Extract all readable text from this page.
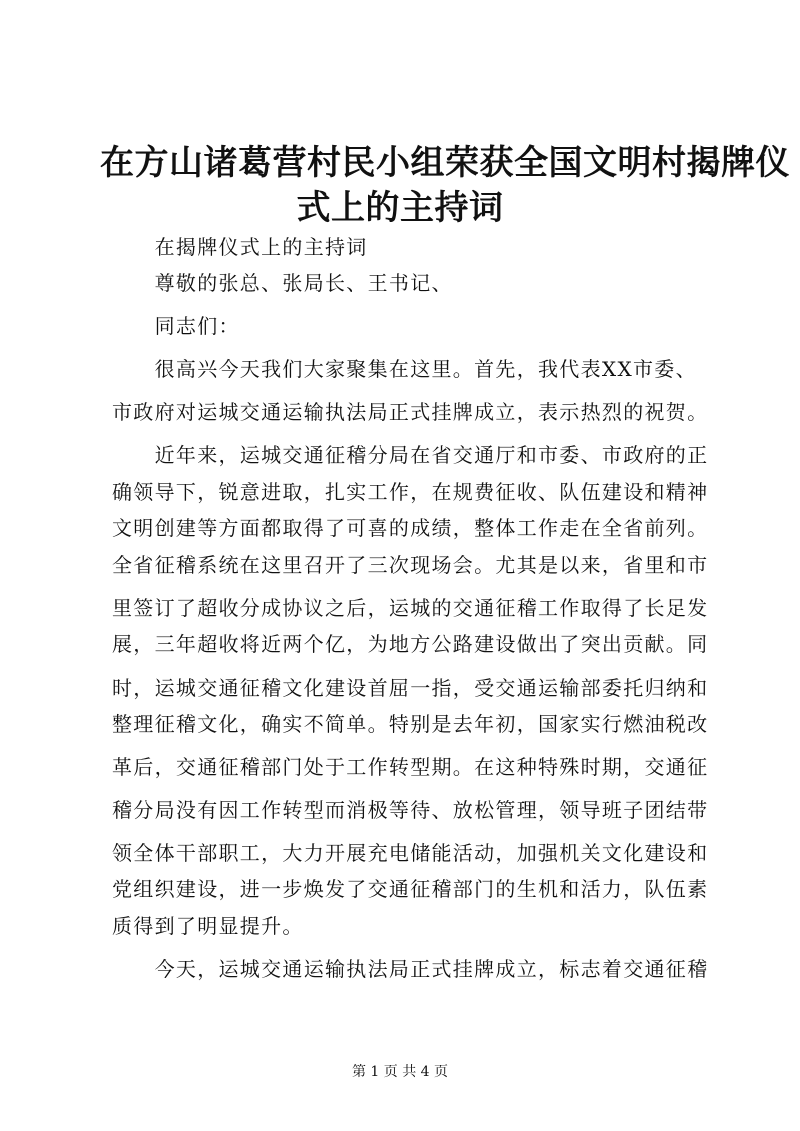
在方山诸葛营村民小组荣获全国文明村揭牌仪
式上的主持词
　　在揭牌仪式上的主持词
　　尊敬的张总、张局长、王书记、
　　同志们：
　　很高兴今天我们大家聚集在这里。首先，我代表XX市委、
市政府对运城交通运输执法局正式挂牌成立，表示热烈的祝贺。
　　近年来，运城交通征稽分局在省交通厅和市委、市政府的正
确领导下，锐意进取，扎实工作，在规费征收、队伍建设和精神
文明创建等方面都取得了可喜的成绩，整体工作走在全省前列。
全省征稽系统在这里召开了三次现场会。尤其是以来，省里和市
里签订了超收分成协议之后，运城的交通征稽工作取得了长足发
展，三年超收将近两个亿，为地方公路建设做出了突出贡献。同
时，运城交通征稽文化建设首屈一指，受交通运输部委托归纳和
整理征稽文化，确实不简单。特别是去年初，国家实行燃油税改
革后，交通征稽部门处于工作转型期。在这种特殊时期，交通征
稽分局没有因工作转型而消极等待、放松管理，领导班子团结带
领全体干部职工，大力开展充电储能活动，加强机关文化建设和
党组织建设，进一步焕发了交通征稽部门的生机和活力，队伍素
质得到了明显提升。
　　今天，运城交通运输执法局正式挂牌成立，标志着交通征稽
第 1 页 共 4 页
